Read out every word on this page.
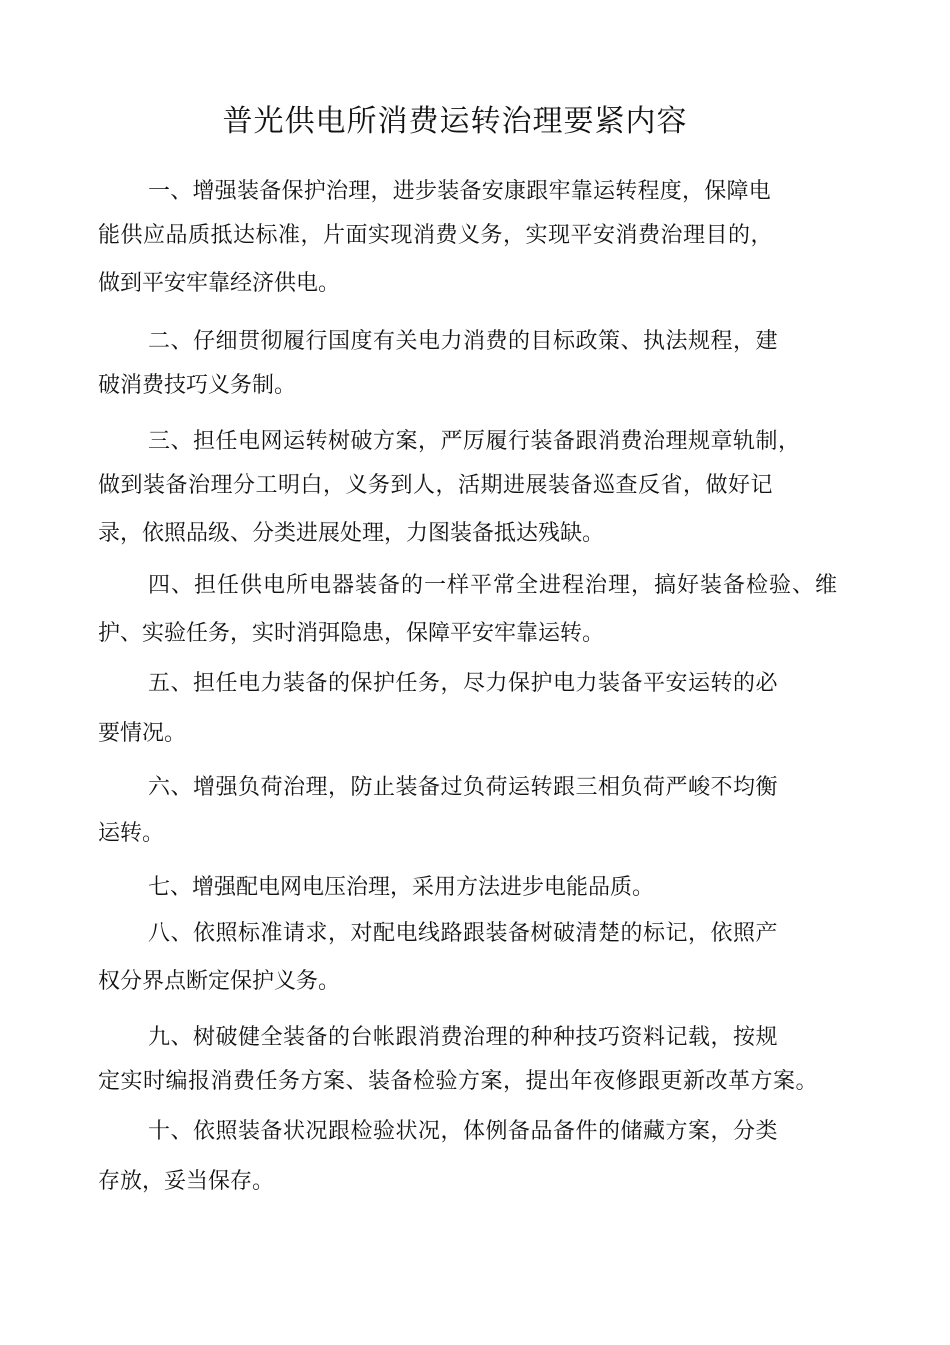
普光供电所消费运转治理要紧内容
一、增强装备保护治理，进步装备安康跟牢靠运转程度，保障电
能供应品质抵达标准，片面实现消费义务，实现平安消费治理目的，
做到平安牢靠经济供电。
二、仔细贯彻履行国度有关电力消费的目标政策、执法规程，建
破消费技巧义务制。
三、担任电网运转树破方案，严厉履行装备跟消费治理规章轨制，
做到装备治理分工明白，义务到人，活期进展装备巡查反省，做好记
录，依照品级、分类进展处理，力图装备抵达残缺。
四、担任供电所电器装备的一样平常全进程治理，搞好装备检验、维
护、实验任务，实时消弭隐患，保障平安牢靠运转。
五、担任电力装备的保护任务，尽力保护电力装备平安运转的必
要情况。
六、增强负荷治理，防止装备过负荷运转跟三相负荷严峻不均衡
运转。
七、增强配电网电压治理，采用方法进步电能品质。
八、依照标准请求，对配电线路跟装备树破清楚的标记，依照产
权分界点断定保护义务。
九、树破健全装备的台帐跟消费治理的种种技巧资料记载，按规
定实时编报消费任务方案、装备检验方案，提出年夜修跟更新改革方案。
十、依照装备状况跟检验状况，体例备品备件的储藏方案，分类
存放，妥当保存。
